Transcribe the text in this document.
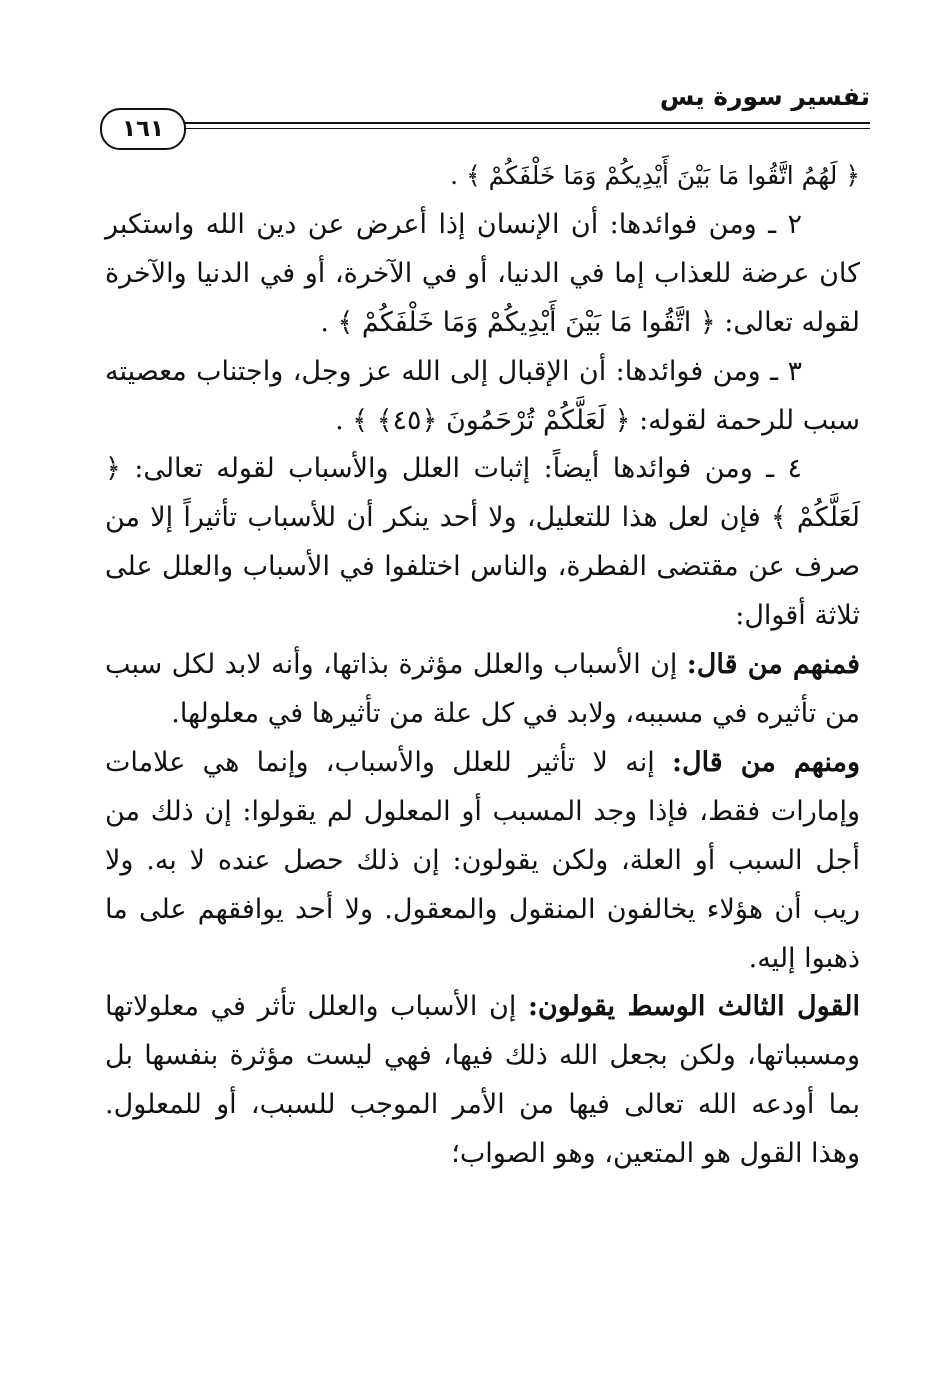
تفسير سورة يس
١٦١

﴿ لَهُمُ اتَّقُوا مَا بَيْنَ أَيْدِيكُمْ وَمَا خَلْفَكُمْ ﴾ .

٢ ـ ومن فوائدها: أن الإنسان إذا أعرض عن دين الله واستكبر كان عرضة للعذاب إما في الدنيا، أو في الآخرة، أو في الدنيا والآخرة لقوله تعالى: ﴿ اتَّقُوا مَا بَيْنَ أَيْدِيكُمْ وَمَا خَلْفَكُمْ ﴾ .

٣ ـ ومن فوائدها: أن الإقبال إلى الله عز وجل، واجتناب معصيته سبب للرحمة لقوله: ﴿ لَعَلَّكُمْ تُرْحَمُونَ ﴿٤٥﴾ ﴾ .

٤ ـ ومن فوائدها أيضاً: إثبات العلل والأسباب لقوله تعالى: ﴿ لَعَلَّكُمْ ﴾ فإن لعل هذا للتعليل، ولا أحد ينكر أن للأسباب تأثيراً إلا من صرف عن مقتضى الفطرة، والناس اختلفوا في الأسباب والعلل على ثلاثة أقوال:

فمنهم من قال: إن الأسباب والعلل مؤثرة بذاتها، وأنه لابد لكل سبب من تأثيره في مسببه، ولابد في كل علة من تأثيرها في معلولها.

ومنهم من قال: إنه لا تأثير للعلل والأسباب، وإنما هي علامات وإمارات فقط، فإذا وجد المسبب أو المعلول لم يقولوا: إن ذلك من أجل السبب أو العلة، ولكن يقولون: إن ذلك حصل عنده لا به. ولا ريب أن هؤلاء يخالفون المنقول والمعقول. ولا أحد يوافقهم على ما ذهبوا إليه.

القول الثالث الوسط يقولون: إن الأسباب والعلل تأثر في معلولاتها ومسبباتها، ولكن بجعل الله ذلك فيها، فهي ليست مؤثرة بنفسها بل بما أودعه الله تعالى فيها من الأمر الموجب للسبب، أو للمعلول. وهذا القول هو المتعين، وهو الصواب؛
